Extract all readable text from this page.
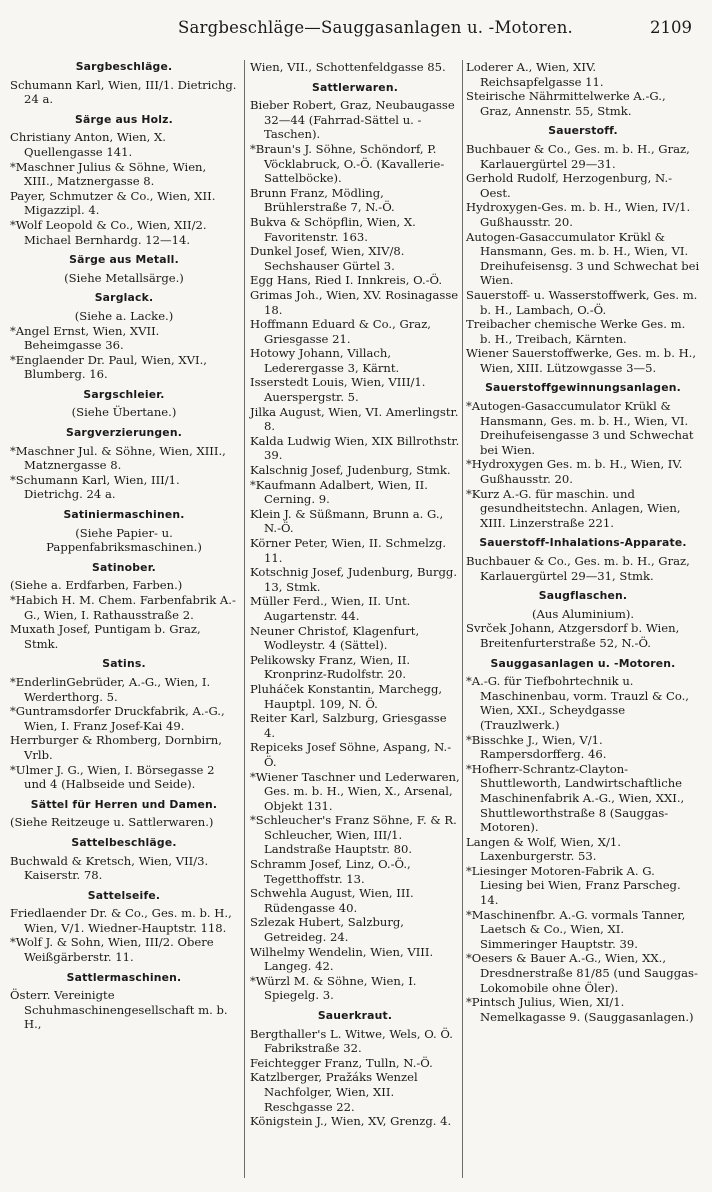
Sargbeschläge—Sauggasanlagen u. -Motoren.	2109
Sargbeschläge.
Schumann Karl, Wien, III/1. Dietrichg. 24 a.
Särge aus Holz.
Christiany Anton, Wien, X. Quellengasse 141.
*Maschner Julius & Söhne, Wien, XIII., Matznergasse 8.
Payer, Schmutzer & Co., Wien, XII. Migazzipl. 4.
*Wolf Leopold & Co., Wien, XII/2. Michael Bernhardg. 12—14.
Särge aus Metall.
(Siehe Metallsärge.)
Sarglack.
(Siehe a. Lacke.)
*Angel Ernst, Wien, XVII. Beheimgasse 36.
*Englaender Dr. Paul, Wien, XVI., Blumberg. 16.
Sargschleier.
(Siehe Übertane.)
Sargverzierungen.
*Maschner Jul. & Söhne, Wien, XIII., Matznergasse 8.
*Schumann Karl, Wien, III/1. Dietrichg. 24 a.
Satiniermaschinen.
(Siehe Papier- u. Pappenfabriksmaschinen.)
Satinober.
(Siehe a. Erdfarben, Farben.)
*Habich H. M. Chem. Farbenfabrik A.-G., Wien, I. Rathausstraße 2.
Muxath Josef, Puntigam b. Graz, Stmk.
Satins.
*EnderlinGebrüder, A.-G., Wien, I. Werderthorg. 5.
*Guntramsdorfer Druckfabrik, A.-G., Wien, I. Franz Josef-Kai 49.
Herrburger & Rhomberg, Dornbirn, Vrlb.
*Ulmer J. G., Wien, I. Börsegasse 2 und 4 (Halbseide und Seide).
Sättel für Herren und Damen.
(Siehe Reitzeuge u. Sattlerwaren.)
Sattelbeschläge.
Buchwald & Kretsch, Wien, VII/3. Kaiserstr. 78.
Sattelseife.
Friedlaender Dr. & Co., Ges. m. b. H., Wien, V/1. Wiedner-Hauptstr. 118.
*Wolf J. & Sohn, Wien, III/2. Obere Weißgärberstr. 11.
Sattlermaschinen.
Österr. Vereinigte Schuhmaschinengesellschaft m. b. H.,
Wien, VII., Schottenfeldgasse 85.
Sattlerwaren.
Bieber Robert, Graz, Neubaugasse 32—44 (Fahrrad-Sättel u. -Taschen).
*Braun's J. Söhne, Schöndorf, P. Vöcklabruck, O.-Ö. (Kavallerie-Sattelböcke).
Brunn Franz, Mödling, Brühlerstraße 7, N.-Ö.
Bukva & Schöpflin, Wien, X. Favoritenstr. 163.
Dunkel Josef, Wien, XIV/8. Sechshauser Gürtel 3.
Egg Hans, Ried I. Innkreis, O.-Ö.
Grimas Joh., Wien, XV. Rosinagasse 18.
Hoffmann Eduard & Co., Graz, Griesgasse 21.
Hotowy Johann, Villach, Lederergasse 3, Kärnt.
Isserstedt Louis, Wien, VIII/1. Auerspergstr. 5.
Jilka August, Wien, VI. Amerlingstr. 8.
Kalda Ludwig Wien, XIX Billrothstr. 39.
Kalschnig Josef, Judenburg, Stmk.
*Kaufmann Adalbert, Wien, II. Cerning. 9.
Klein J. & Süßmann, Brunn a. G., N.-Ö.
Körner Peter, Wien, II. Schmelzg. 11.
Kotschnig Josef, Judenburg, Burgg. 13, Stmk.
Müller Ferd., Wien, II. Unt. Augartenstr. 44.
Neuner Christof, Klagenfurt, Wodleystr. 4 (Sättel).
Pelikowsky Franz, Wien, II. Kronprinz-Rudolfstr. 20.
Pluháček Konstantin, Marchegg, Hauptpl. 109, N. Ö.
Reiter Karl, Salzburg, Griesgasse 4.
Repiceks Josef Söhne, Aspang, N.-Ö.
*Wiener Taschner und Lederwaren, Ges. m. b. H., Wien, X., Arsenal, Objekt 131.
*Schleucher's Franz Söhne, F. & R. Schleucher, Wien, III/1. Landstraße Hauptstr. 80.
Schramm Josef, Linz, O.-Ö., Tegetthoffstr. 13.
Schwehla August, Wien, III. Rüdengasse 40.
Szlezak Hubert, Salzburg, Getreideg. 24.
Wilhelmy Wendelin, Wien, VIII. Langeg. 42.
*Würzl M. & Söhne, Wien, I. Spiegelg. 3.
Sauerkraut.
Bergthaller's L. Witwe, Wels, O. Ö. Fabrikstraße 32.
Feichtegger Franz, Tulln, N.-Ö.
Katzlberger, Pražáks Wenzel Nachfolger, Wien, XII. Reschgasse 22.
Königstein J., Wien, XV, Grenzg. 4.
Loderer A., Wien, XIV. Reichsapfelgasse 11.
Steirische Nährmittelwerke A.-G., Graz, Annenstr. 55, Stmk.
Sauerstoff.
Buchbauer & Co., Ges. m. b. H., Graz, Karlauergürtel 29—31.
Gerhold Rudolf, Herzogenburg, N.-Oest.
Hydroxygen-Ges. m. b. H., Wien, IV/1. Gußhausstr. 20.
Autogen-Gasaccumulator Krükl & Hansmann, Ges. m. b. H., Wien, VI. Dreihufeisensg. 3 und Schwechat bei Wien.
Sauerstoff- u. Wasserstoffwerk, Ges. m. b. H., Lambach, O.-Ö.
Treibacher chemische Werke Ges. m. b. H., Treibach, Kärnten.
Wiener Sauerstoffwerke, Ges. m. b. H., Wien, XIII. Lützowgasse 3—5.
Sauerstoffgewinnungsanlagen.
*Autogen-Gasaccumulator Krükl & Hansmann, Ges. m. b. H., Wien, VI. Dreihufeisengasse 3 und Schwechat bei Wien.
*Hydroxygen Ges. m. b. H., Wien, IV. Gußhausstr. 20.
*Kurz A.-G. für maschin. und gesundheitstechn. Anlagen, Wien, XIII. Linzerstraße 221.
Sauerstoff-Inhalations-Apparate.
Buchbauer & Co., Ges. m. b. H., Graz, Karlauergürtel 29—31, Stmk.
Saugflaschen.
(Aus Aluminium).
Svrček Johann, Atzgersdorf b. Wien, Breitenfurterstraße 52, N.-Ö.
Sauggasanlagen u. -Motoren.
*A.-G. für Tiefbohrtechnik u. Maschinenbau, vorm. Trauzl & Co., Wien, XXI., Scheydgasse (Trauzlwerk.)
*Bisschke J., Wien, V/1. Rampersdorfferg. 46.
*Hofherr-Schrantz-Clayton-Shuttleworth, Landwirtschaftliche Maschinenfabrik A.-G., Wien, XXI., Shuttleworthstraße 8 (Sauggas-Motoren).
Langen & Wolf, Wien, X/1. Laxenburgerstr. 53.
*Liesinger Motoren-Fabrik A. G. Liesing bei Wien, Franz Parscheg. 14.
*Maschinenfbr. A.-G. vormals Tanner, Laetsch & Co., Wien, XI. Simmeringer Hauptstr. 39.
*Oesers & Bauer A.-G., Wien, XX., Dresdnerstraße 81/85 (und Sauggas-Lokomobile ohne Öler).
*Pintsch Julius, Wien, XI/1. Nemelkagasse 9. (Sauggasanlagen.)
